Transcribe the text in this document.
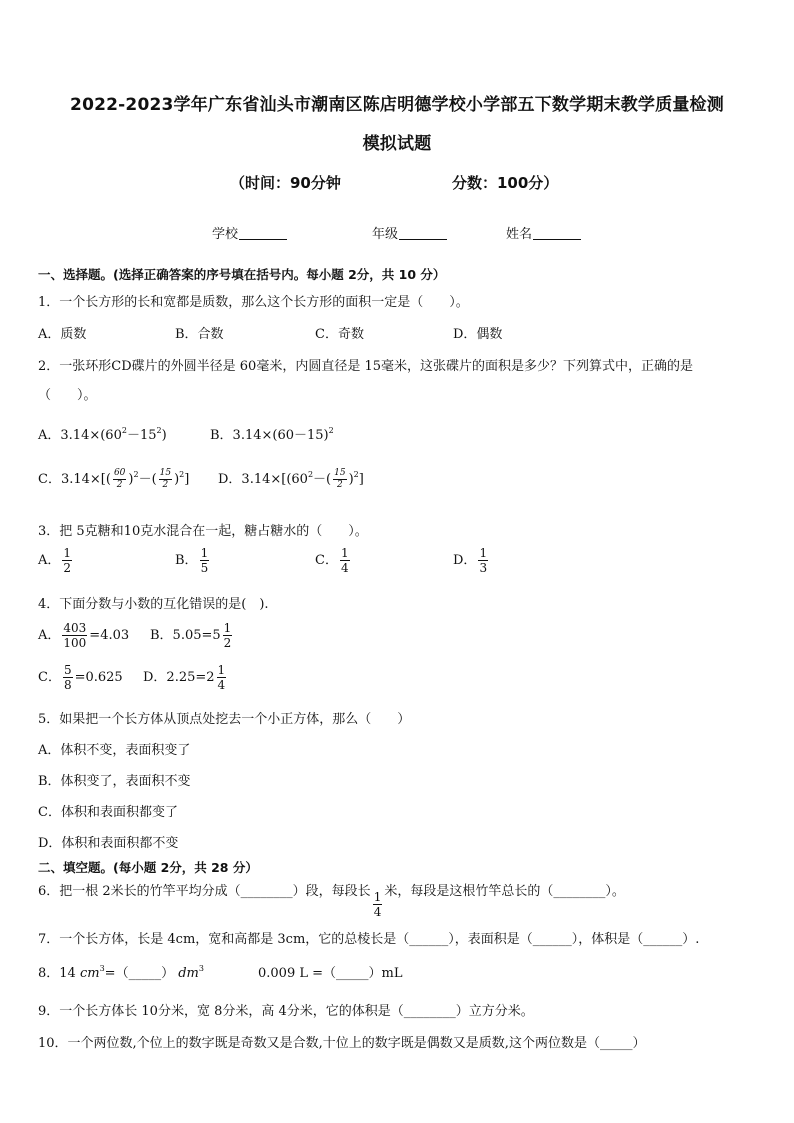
2022-2023学年广东省汕头市潮南区陈店明德学校小学部五下数学期末教学质量检测
模拟试题
（时间：90分钟	分数：100分）
学校	年级	姓名
一、选择题。(选择正确答案的序号填在括号内。每小题 2分，共 10 分）
1．一个长方形的长和宽都是质数，那么这个长方形的面积一定是（　　）。
A．质数	B．合数	C．奇数	D．偶数
2．一张环形CD碟片的外圆半径是 60毫米，内圆直径是 15毫米，这张碟片的面积是多少？下列算式中，正确的是
（　　）。
A．$3.14\times(60^2-15^2)$	B．$3.14\times(60-15)^2$
C．$3.14\times[( \frac{60}{2} )^2-( \frac{15}{2} )^2]$ D．$3.14\times[(60^2-( \frac{15}{2} )^2]$
3．把 5克糖和10克水混合在一起，糖占糖水的（　　）。
A． $\frac{1}{2}$	B． $\frac{1}{5}$	C． $\frac{1}{4}$	D． $\frac{1}{3}$
4．下面分数与小数的互化错误的是(　).
A． $\frac{403}{100} =4.03$ B．$5.05=5 \frac{1}{2}$
C． $\frac{5}{8} =0.625$ D．$2.25=2 \frac{1}{4}$
5．如果把一个长方体从顶点处挖去一个小正方体，那么（　　）
A．体积不变，表面积变了
B．体积变了，表面积不变
C．体积和表面积都变了
D．体积和表面积都不变
二、填空题。(每小题 2分，共 28 分）
6．把一根 2米长的竹竿平均分成（________）段，每段长 $\frac{1}{4}$ 米，每段是这根竹竿总长的（________）。
7．一个长方体，长是 4cm，宽和高都是 3cm，它的总棱长是（______），表面积是（______），体积是（______）.
8．14 $cm^3=(\_\_\_\_\_)$ $dm^3$	0.009 L =（_____）mL
9．一个长方体长 10分米，宽 8分米，高 4分米，它的体积是（________）立方分米。
10．一个两位数,个位上的数字既是奇数又是合数,十位上的数字既是偶数又是质数,这个两位数是（_____）
